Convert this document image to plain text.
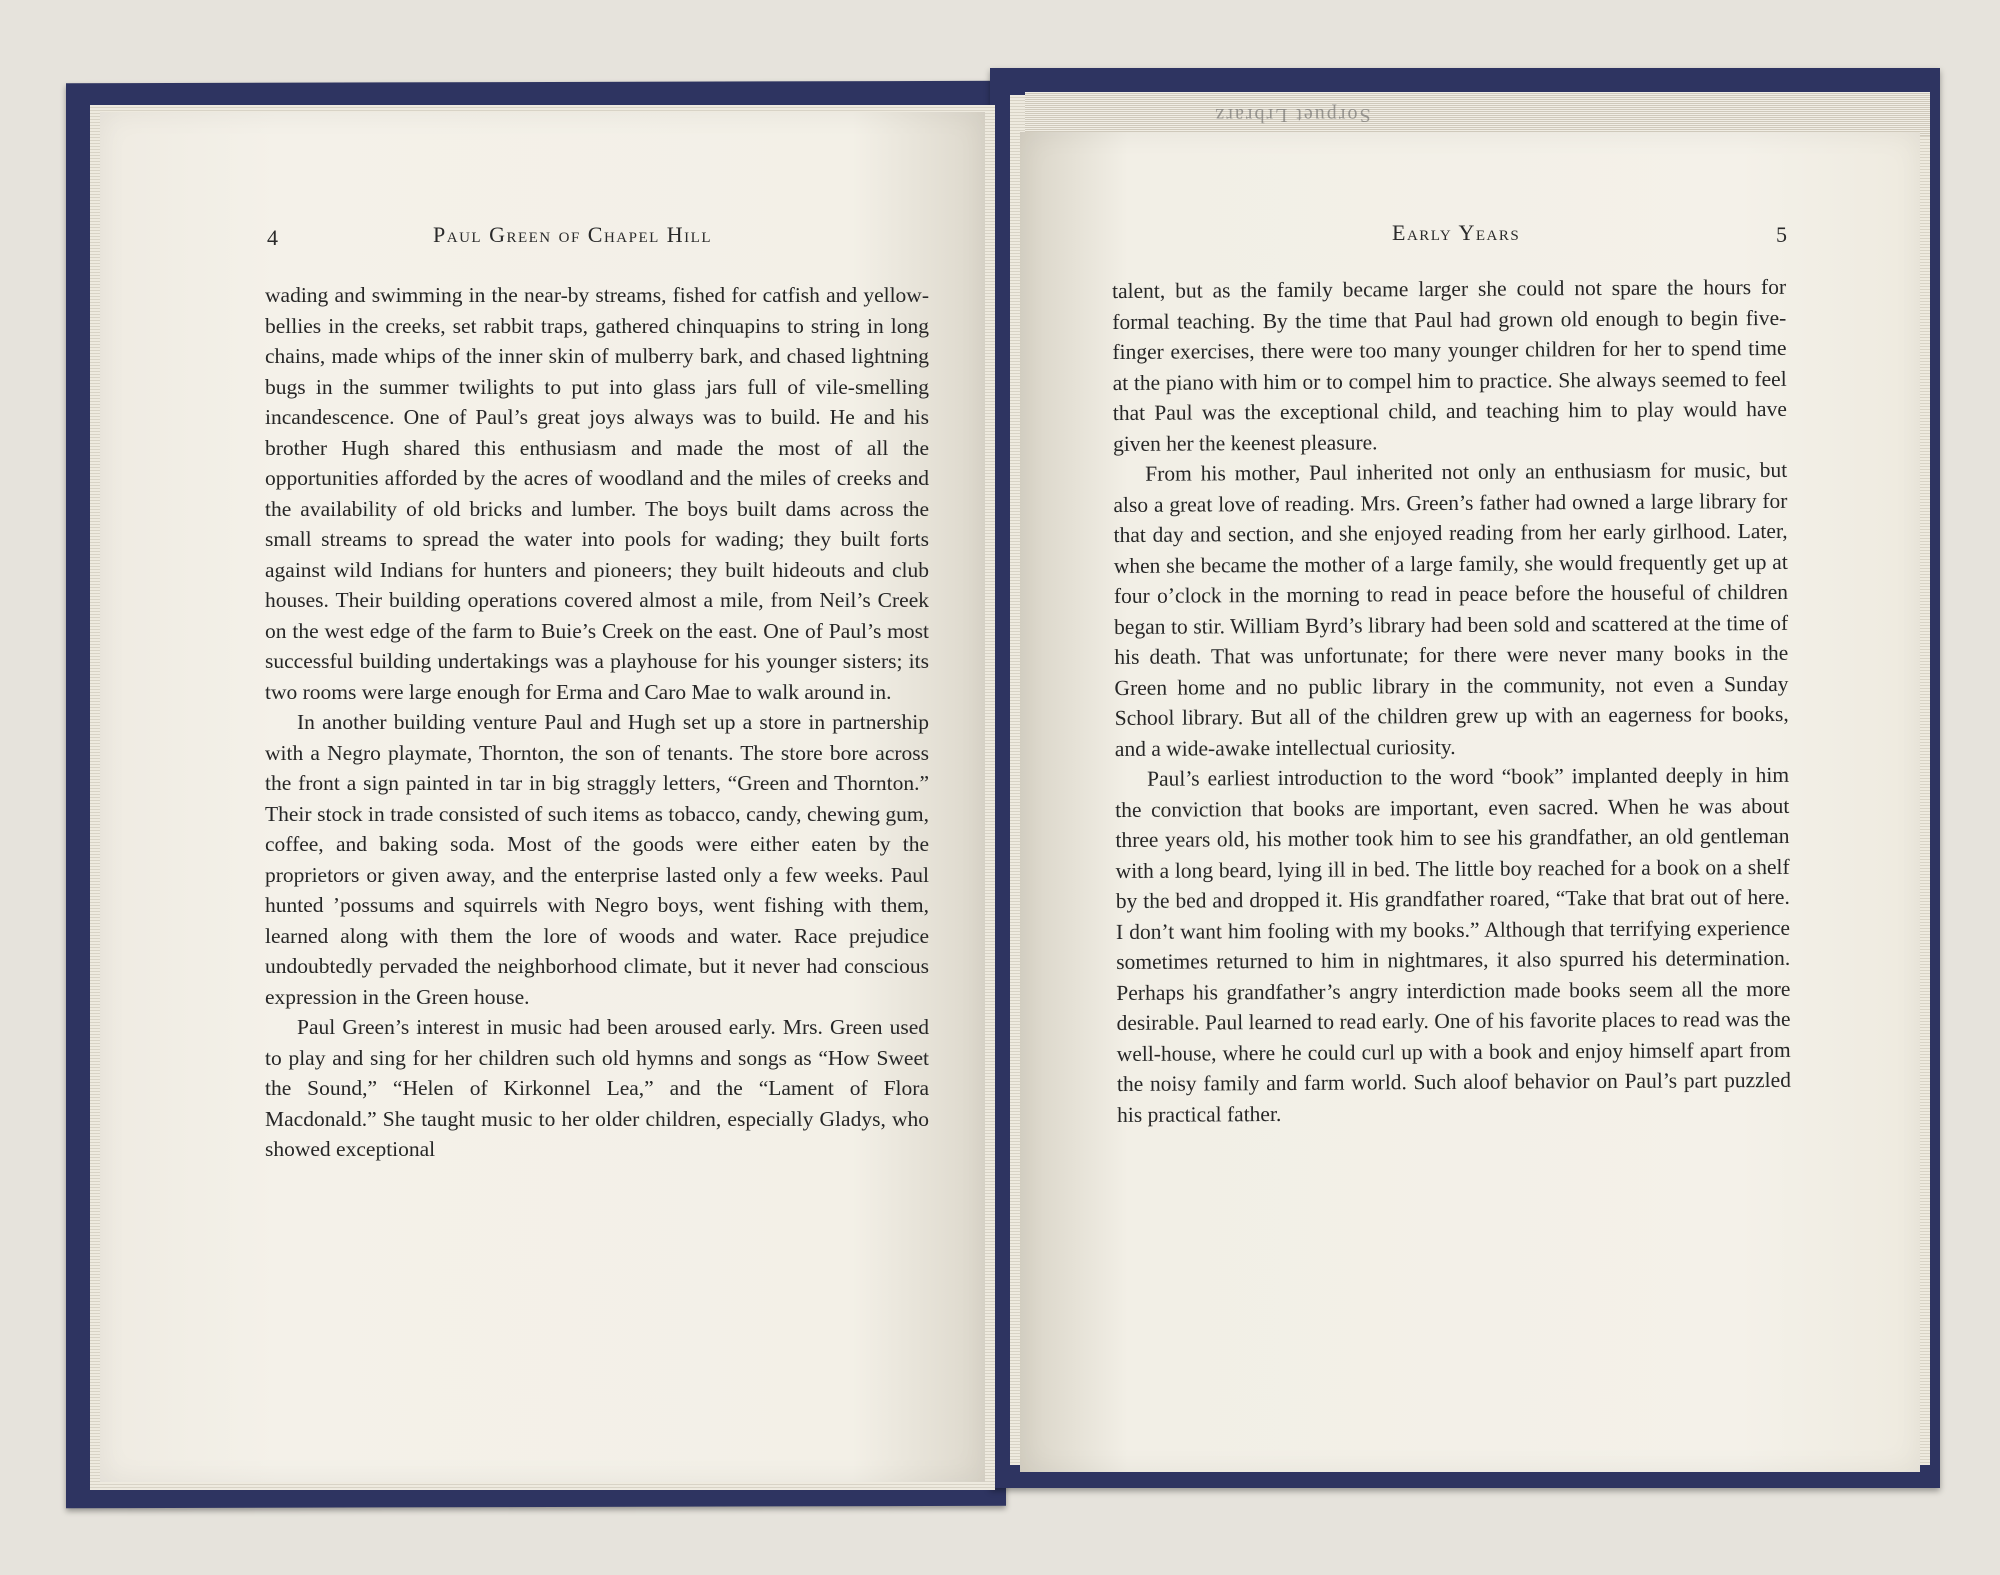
Sorpuet Lrbrarz
4	Paul Green of Chapel Hill	Early Years	5

wading and swimming in the near-by streams, fished for catfish and yellow-bellies in the creeks, set rabbit traps, gathered chinquapins to string in long chains, made whips of the inner skin of mulberry bark, and chased lightning bugs in the summer twilights to put into glass jars full of vile-smelling incandescence. One of Paul’s great joys always was to build. He and his brother Hugh shared this enthusiasm and made the most of all the opportunities afforded by the acres of woodland and the miles of creeks and the availability of old bricks and lumber. The boys built dams across the small streams to spread the water into pools for wading; they built forts against wild Indians for hunters and pioneers; they built hideouts and club houses. Their building operations covered almost a mile, from Neil’s Creek on the west edge of the farm to Buie’s Creek on the east. One of Paul’s most successful building undertakings was a playhouse for his younger sisters; its two rooms were large enough for Erma and Caro Mae to walk around in.

In another building venture Paul and Hugh set up a store in partnership with a Negro playmate, Thornton, the son of tenants. The store bore across the front a sign painted in tar in big straggly letters, “Green and Thornton.” Their stock in trade consisted of such items as tobacco, candy, chewing gum, coffee, and baking soda. Most of the goods were either eaten by the proprietors or given away, and the enterprise lasted only a few weeks. Paul hunted ’possums and squirrels with Negro boys, went fishing with them, learned along with them the lore of woods and water. Race prejudice undoubtedly pervaded the neighborhood climate, but it never had conscious expression in the Green house.

Paul Green’s interest in music had been aroused early. Mrs. Green used to play and sing for her children such old hymns and songs as “How Sweet the Sound,” “Helen of Kirkonnel Lea,” and the “Lament of Flora Macdonald.” She taught music to her older children, especially Gladys, who showed exceptional

talent, but as the family became larger she could not spare the hours for formal teaching. By the time that Paul had grown old enough to begin five-finger exercises, there were too many younger children for her to spend time at the piano with him or to compel him to practice. She always seemed to feel that Paul was the exceptional child, and teaching him to play would have given her the keenest pleasure.

From his mother, Paul inherited not only an enthusiasm for music, but also a great love of reading. Mrs. Green’s father had owned a large library for that day and section, and she enjoyed reading from her early girlhood. Later, when she became the mother of a large family, she would frequently get up at four o’clock in the morning to read in peace before the houseful of children began to stir. William Byrd’s library had been sold and scattered at the time of his death. That was unfortunate; for there were never many books in the Green home and no public library in the community, not even a Sunday School library. But all of the children grew up with an eagerness for books, and a wide-awake intellectual curiosity.

Paul’s earliest introduction to the word “book” implanted deeply in him the conviction that books are important, even sacred. When he was about three years old, his mother took him to see his grandfather, an old gentleman with a long beard, lying ill in bed. The little boy reached for a book on a shelf by the bed and dropped it. His grandfather roared, “Take that brat out of here. I don’t want him fooling with my books.” Although that terrifying experience sometimes returned to him in nightmares, it also spurred his determination. Perhaps his grandfather’s angry interdiction made books seem all the more desirable. Paul learned to read early. One of his favorite places to read was the well-house, where he could curl up with a book and enjoy himself apart from the noisy family and farm world. Such aloof behavior on Paul’s part puzzled his practical father.
